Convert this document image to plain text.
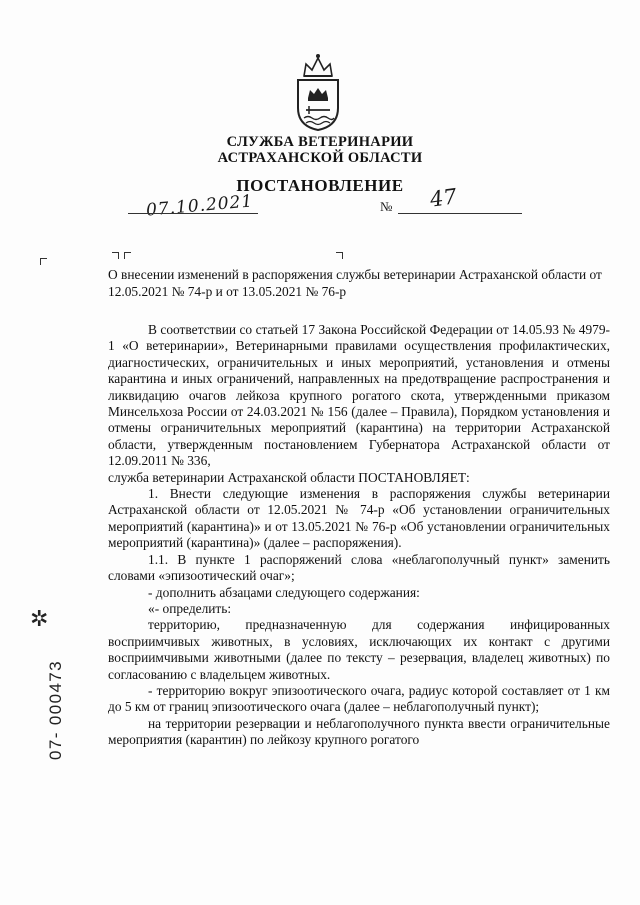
СЛУЖБА ВЕТЕРИНАРИИ
АСТРАХАНСКОЙ ОБЛАСТИ
ПОСТАНОВЛЕНИЕ
07.10.2021	№ 47
О внесении изменений в распоряжения службы ветеринарии Астраханской области от 12.05.2021 № 74-р и от 13.05.2021 № 76-р

В соответствии со статьей 17 Закона Российской Федерации от 14.05.93 № 4979-1 «О ветеринарии», Ветеринарными правилами осуществления профилактических, диагностических, ограничительных и иных мероприятий, установления и отмены карантина и иных ограничений, направленных на предотвращение распространения и ликвидацию очагов лейкоза крупного рогатого скота, утвержденными приказом Минсельхоза России от 24.03.2021 № 156 (далее – Правила), Порядком установления и отмены ограничительных мероприятий (карантина) на территории Астраханской области, утвержденным постановлением Губернатора Астраханской области от 12.09.2011 № 336,

служба ветеринарии Астраханской области ПОСТАНОВЛЯЕТ:

1. Внести следующие изменения в распоряжения службы ветеринарии Астраханской области от 12.05.2021 № 74-р «Об установлении ограничительных мероприятий (карантина)» и от 13.05.2021 № 76-р «Об установлении ограничительных мероприятий (карантина)» (далее – распоряжения).

1.1. В пункте 1 распоряжений слова «неблагополучный пункт» заменить словами «эпизоотический очаг»;

- дополнить абзацами следующего содержания:

«- определить:

территорию, предназначенную для содержания инфицированных восприимчивых животных, в условиях, исключающих их контакт с другими восприимчивыми животными (далее по тексту – резервация, владелец животных) по согласованию с владельцем животных.

- территорию вокруг эпизоотического очага, радиус которой составляет от 1 км до 5 км от границ эпизоотического очага (далее – неблагополучный пункт);

на территории резервации и неблагополучного пункта ввести ограничительные мероприятия (карантин) по лейкозу крупного рогатого

✲
07- 000473
